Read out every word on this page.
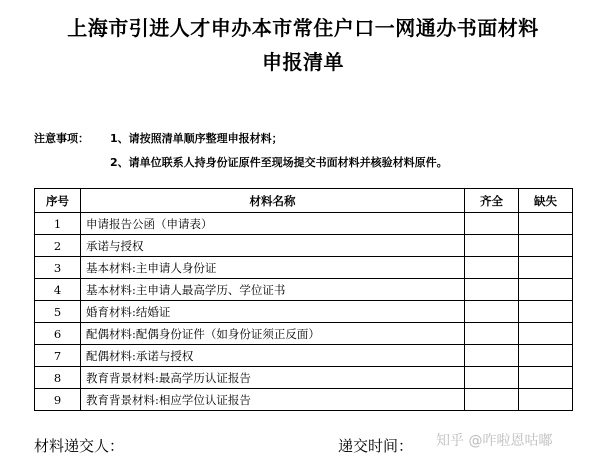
上海市引进人才申办本市常住户口一网通办书面材料
申报清单
注意事项： 1、请按照清单顺序整理申报材料；
2、请单位联系人持身份证原件至现场提交书面材料并核验材料原件。
序号	材料名称	齐全	缺失
1	申请报告公函（申请表）		
2	承诺与授权		
3	基本材料:主申请人身份证		
4	基本材料:主申请人最高学历、学位证书		
5	婚育材料:结婚证		
6	配偶材料:配偶身份证件（如身份证须正反面）		
7	配偶材料:承诺与授权		
8	教育背景材料:最高学历认证报告		
9	教育背景材料:相应学位认证报告		
材料递交人：	递交时间： 知乎 @咋啦恩咕嘟
